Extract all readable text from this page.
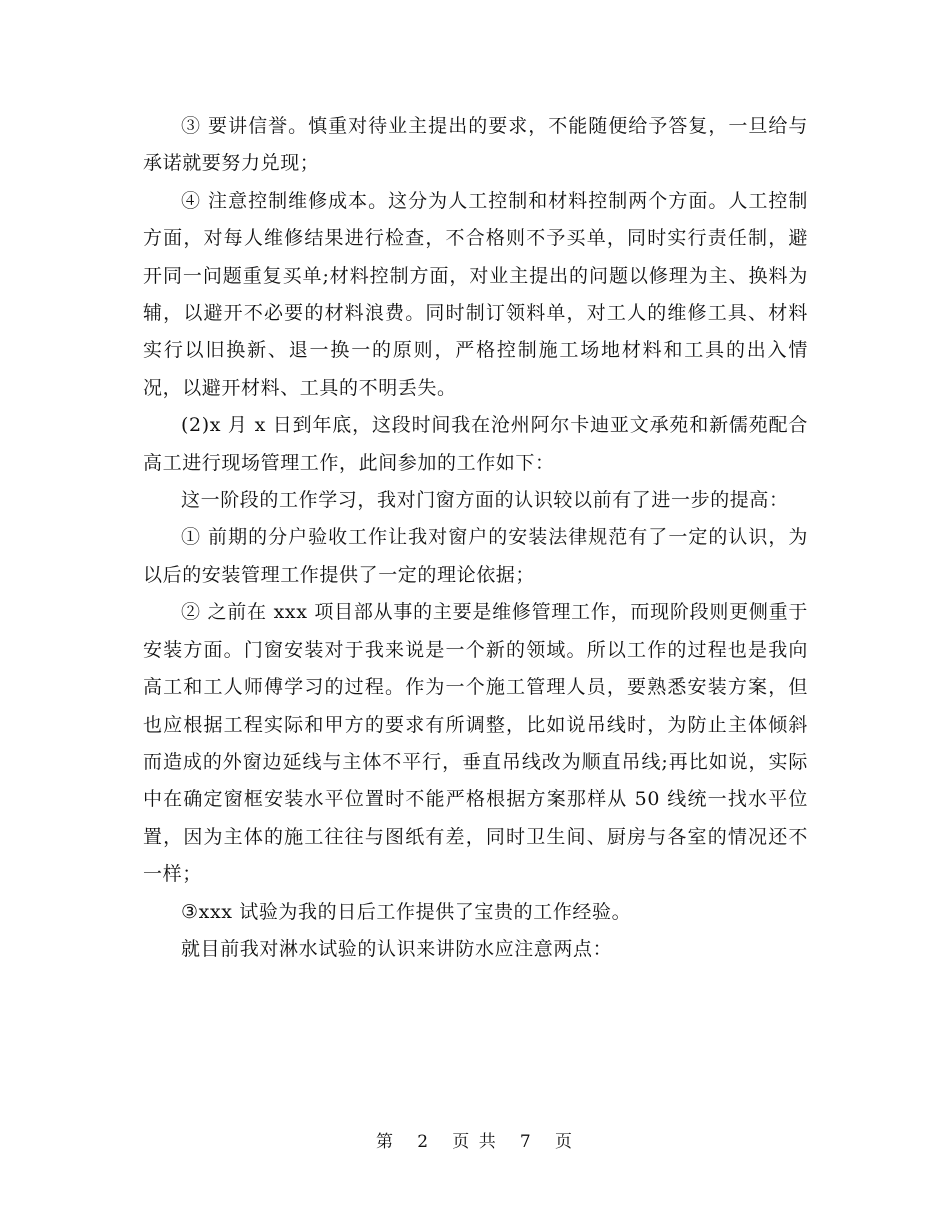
③ 要讲信誉。慎重对待业主提出的要求，不能随便给予答复，一旦给与承诺就要努力兑现；

④ 注意控制维修成本。这分为人工控制和材料控制两个方面。人工控制方面，对每人维修结果进行检查，不合格则不予买单，同时实行责任制，避开同一问题重复买单;材料控制方面，对业主提出的问题以修理为主、换料为辅，以避开不必要的材料浪费。同时制订领料单，对工人的维修工具、材料实行以旧换新、退一换一的原则，严格控制施工场地材料和工具的出入情况，以避开材料、工具的不明丢失。

(2)x 月 x 日到年底，这段时间我在沧州阿尔卡迪亚文承苑和新儒苑配合高工进行现场管理工作，此间参加的工作如下：

这一阶段的工作学习，我对门窗方面的认识较以前有了进一步的提高：

① 前期的分户验收工作让我对窗户的安装法律规范有了一定的认识，为以后的安装管理工作提供了一定的理论依据；

② 之前在 xxx 项目部从事的主要是维修管理工作，而现阶段则更侧重于安装方面。门窗安装对于我来说是一个新的领域。所以工作的过程也是我向高工和工人师傅学习的过程。作为一个施工管理人员，要熟悉安装方案，但也应根据工程实际和甲方的要求有所调整，比如说吊线时，为防止主体倾斜而造成的外窗边延线与主体不平行，垂直吊线改为顺直吊线;再比如说，实际中在确定窗框安装水平位置时不能严格根据方案那样从 50 线统一找水平位置，因为主体的施工往往与图纸有差，同时卫生间、厨房与各室的情况还不一样；

③xxx 试验为我的日后工作提供了宝贵的工作经验。

就目前我对淋水试验的认识来讲防水应注意两点：

第 2 页 共 7 页
